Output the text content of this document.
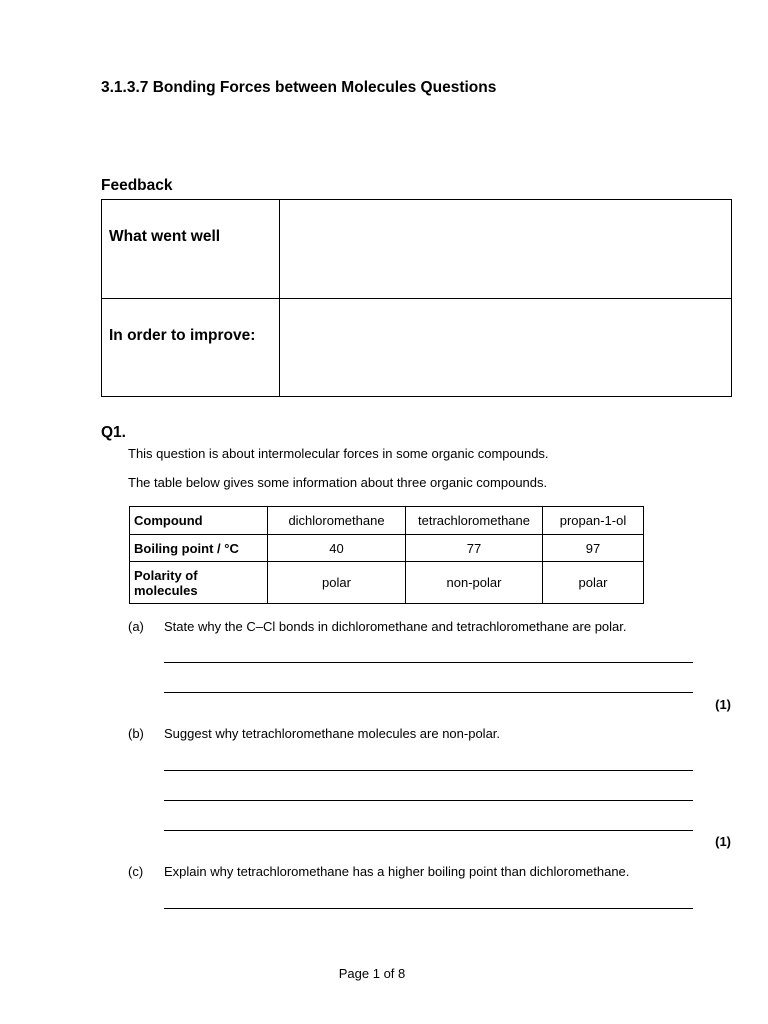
3.1.3.7 Bonding Forces between Molecules Questions
Feedback
What went well	

In order to improve:	

Q1.
This question is about intermolecular forces in some organic compounds.
The table below gives some information about three organic compounds.
Compound	dichloromethane	tetrachloromethane	propan-1-ol
Boiling point / °C	40	77	97
Polarity of molecules	polar	non-polar	polar
(a) State why the C–Cl bonds in dichloromethane and tetrachloromethane are polar.
(1)
(b) Suggest why tetrachloromethane molecules are non-polar.
(1)
(c) Explain why tetrachloromethane has a higher boiling point than dichloromethane.
Page 1 of 8
